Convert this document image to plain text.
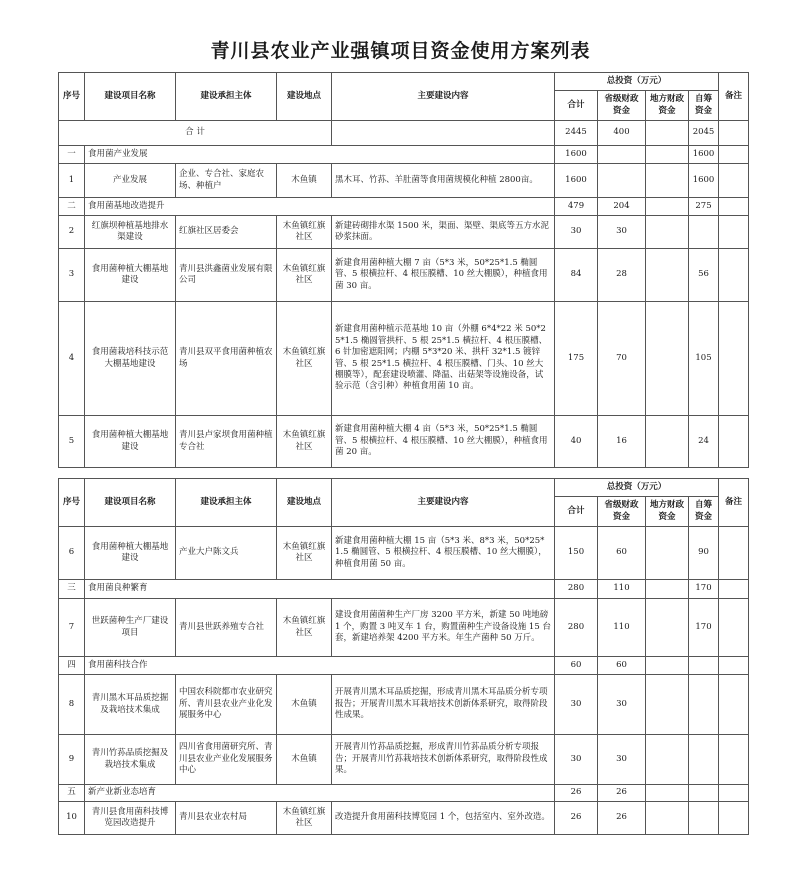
青川县农业产业强镇项目资金使用方案列表
序号	建设项目名称	建设承担主体	建设地点	主要建设内容	总投资（万元）				备注
					合计	省级财政资金	地方财政资金	自筹资金	
合 计					2445	400		2045	
一	食用菌产业发展				1600			1600	
1	产业发展	企业、专合社、家庭农场、种植户	木鱼镇	黑木耳、竹荪、羊肚菌等食用菌规模化种植 2800亩。	1600			1600	
二	食用菌基地改造提升				479	204		275	
2	红旗坝种植基地排水渠建设	红旗社区居委会	木鱼镇红旗社区	新建砖砌排水渠 1500 米，渠面、渠壁、渠底等五方水泥砂浆抹面。	30	30			
3	食用菌种植大棚基地建设	青川县洪鑫菌业发展有限公司	木鱼镇红旗社区	新建食用菌种植大棚 7 亩（5*3 米，50*25*1.5 椭圆管、5 根横拉杆、4 根压膜槽、10 丝大棚膜），种植食用菌 30 亩。	84	28		56	
4	食用菌栽培科技示范大棚基地建设	青川县双平食用菌种植农场	木鱼镇红旗社区	新建食用菌种植示范基地 10 亩（外棚 6*4*22 米 50*25*1.5 椭圆管拱杆、5 根 25*1.5 横拉杆、4 根压膜槽、6 针加密遮阳网；内棚 5*3*20 米、拱杆 32*1.5 镀锌管、5 根 25*1.5 横拉杆、4 根压膜槽、门头、10 丝大棚膜等），配套建设喷灌、降温、出菇架等设施设备，试验示范（含引种）种植食用菌 10 亩。	175	70		105	
5	食用菌种植大棚基地建设	青川县卢家坝食用菌种植专合社	木鱼镇红旗社区	新建食用菌种植大棚 4 亩（5*3 米，50*25*1.5 椭圆管、5 根横拉杆、4 根压膜槽、10 丝大棚膜），种植食用菌 20 亩。	40	16		24	
序号	建设项目名称	建设承担主体	建设地点	主要建设内容	总投资（万元）				备注
					合计	省级财政资金	地方财政资金	自筹资金	
6	食用菌种植大棚基地建设	产业大户陈文兵	木鱼镇红旗社区	新建食用菌种植大棚 15 亩（5*3 米、8*3 米，50*25*1.5 椭圆管、5 根横拉杆、4 根压膜槽、10 丝大棚膜），种植食用菌 50 亩。	150	60		90	
三	食用菌良种繁育				280	110		170	
7	世跃菌种生产厂建设项目	青川县世跃养殖专合社	木鱼镇红旗社区	建设食用菌菌种生产厂房 3200 平方米，新建 50 吨地磅 1 个，购置 3 吨叉车 1 台，购置菌种生产设备设施 15 台套，新建培养架 4200 平方米。年生产菌种 50 万斤。	280	110		170	
四	食用菌科技合作				60	60			
8	青川黑木耳品质挖掘及栽培技术集成	中国农科院都市农业研究所、青川县农业产业化发展服务中心	木鱼镇	开展青川黑木耳品质挖掘，形成青川黑木耳品质分析专项报告；开展青川黑木耳栽培技术创新体系研究，取得阶段性成果。	30	30			
9	青川竹荪品质挖掘及栽培技术集成	四川省食用菌研究所、青川县农业产业化发展服务中心	木鱼镇	开展青川竹荪品质挖掘，形成青川竹荪品质分析专项报告；开展青川竹荪栽培技术创新体系研究，取得阶段性成果。	30	30			
五	新产业新业态培育				26	26			
10	青川县食用菌科技博览园改造提升	青川县农业农村局	木鱼镇红旗社区	改造提升食用菌科技博览园 1 个，包括室内、室外改造。	26	26			
